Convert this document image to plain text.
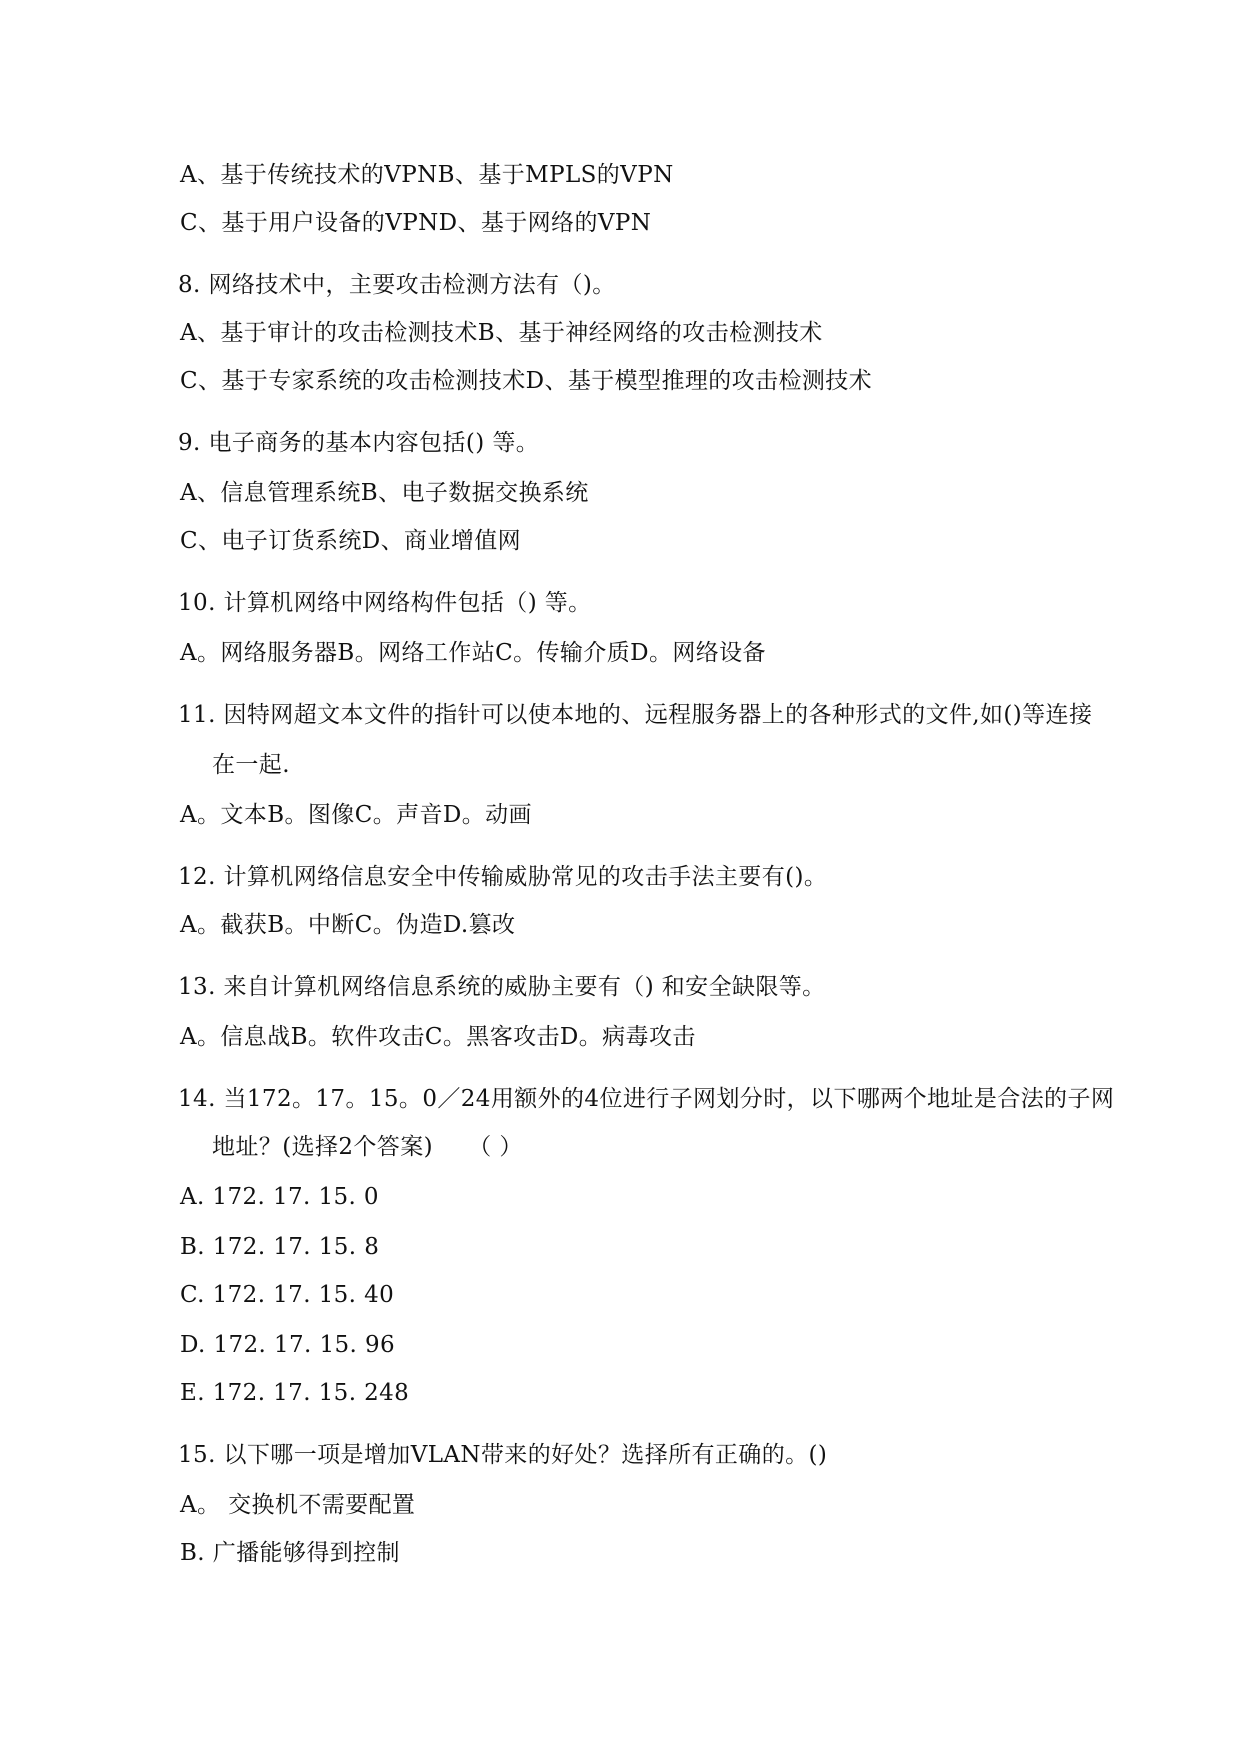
A、基于传统技术的VPNB、基于MPLS的VPN
C、基于用户设备的VPND、基于网络的VPN
8. 网络技术中，主要攻击检测方法有（)。
A、基于审计的攻击检测技术B、基于神经网络的攻击检测技术
C、基于专家系统的攻击检测技术D、基于模型推理的攻击检测技术
9. 电子商务的基本内容包括() 等。
A、信息管理系统B、电子数据交换系统
C、电子订货系统D、商业增值网
10. 计算机网络中网络构件包括（) 等。
A。网络服务器B。网络工作站C。传输介质D。网络设备
11. 因特网超文本文件的指针可以使本地的、远程服务器上的各种形式的文件,如()等连接
在一起.
A。文本B。图像C。声音D。动画
12. 计算机网络信息安全中传输威胁常见的攻击手法主要有()。
A。截获B。中断C。伪造D.篡改
13. 来自计算机网络信息系统的威胁主要有（) 和安全缺限等。
A。信息战B。软件攻击C。黑客攻击D。病毒攻击
14. 当172。17。15。0／24用额外的4位进行子网划分时，以下哪两个地址是合法的子网
地址？(选择2个答案)　　（ ）
A. 172. 17. 15. 0
B. 172. 17. 15. 8
C. 172. 17. 15. 40
D. 172. 17. 15. 96
E. 172. 17. 15. 248
15. 以下哪一项是增加VLAN带来的好处？选择所有正确的。()
A。 交换机不需要配置
B. 广播能够得到控制
